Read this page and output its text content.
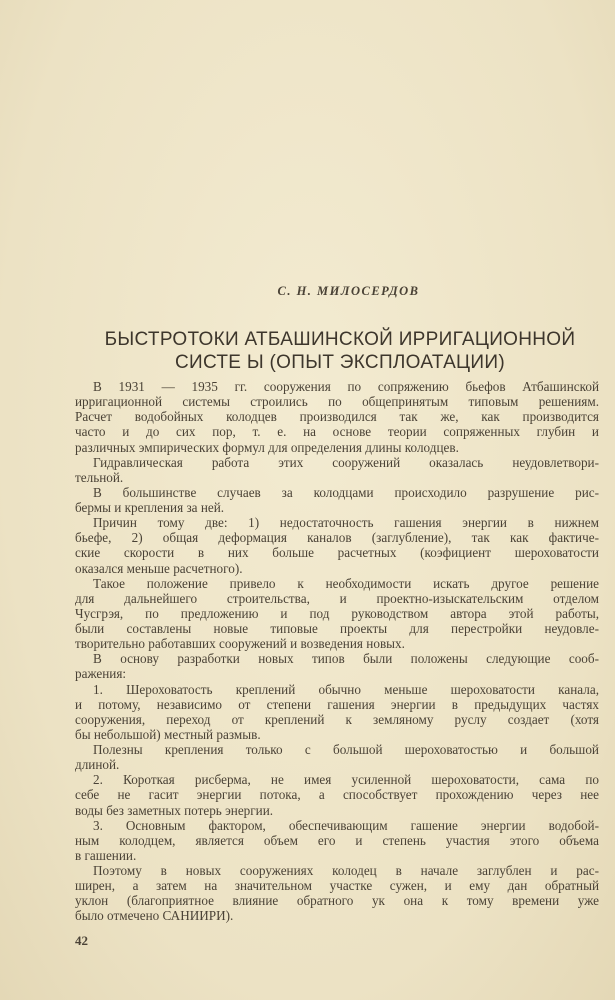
С. Н. МИЛОСЕРДОВ
БЫСТРОТОКИ АТБАШИНСКОЙ ИРРИГАЦИОННОЙ
СИСТЕ Ы (ОПЫТ ЭКСПЛОАТАЦИИ)
В 1931 — 1935 гг. сооружения по сопряжению бьефов Атбашинской
ирригационной системы строились по общепринятым типовым решениям.
Расчет водобойных колодцев производился так же, как производится
часто и до сих пор, т. е. на основе теории сопряженных глубин и
различных эмпирических формул для определения длины колодцев.
Гидравлическая работа этих сооружений оказалась неудовлетвори-
тельной.
В большинстве случаев за колодцами происходило разрушение рис-
бермы и крепления за ней.
Причин тому две: 1) недостаточность гашения энергии в нижнем
бьефе, 2) общая деформация каналов (заглубление), так как фактиче-
ские скорости в них больше расчетных (коэфициент шероховатости
оказался меньше расчетного).
Такое положение привело к необходимости искать другое решение
для дальнейшего строительства, и проектно-изыскательским отделом
Чусгрэя, по предложению и под руководством автора этой работы,
были составлены новые типовые проекты для перестройки неудовле-
творительно работавших сооружений и возведения новых.
В основу разработки новых типов были положены следующие сооб-
ражения:
1. Шероховатость креплений обычно меньше шероховатости канала,
и потому, независимо от степени гашения энергии в предыдущих частях
сооружения, переход от креплений к земляному руслу создает (хотя
бы небольшой) местный размыв.
Полезны крепления только с большой шероховатостью и большой
длиной.
2. Короткая рисберма, не имея усиленной шероховатости, сама по
себе не гасит энергии потока, а способствует прохождению через нее
воды без заметных потерь энергии.
3. Основным фактором, обеспечивающим гашение энергии водобой-
ным колодцем, является объем его и степень участия этого объема
в гашении.
Поэтому в новых сооружениях колодец в начале заглублен и рас-
ширен, а затем на значительном участке сужен, и ему дан обратный
уклон (благоприятное влияние обратного ук она к тому времени уже
было отмечено САНИИРИ).
42
